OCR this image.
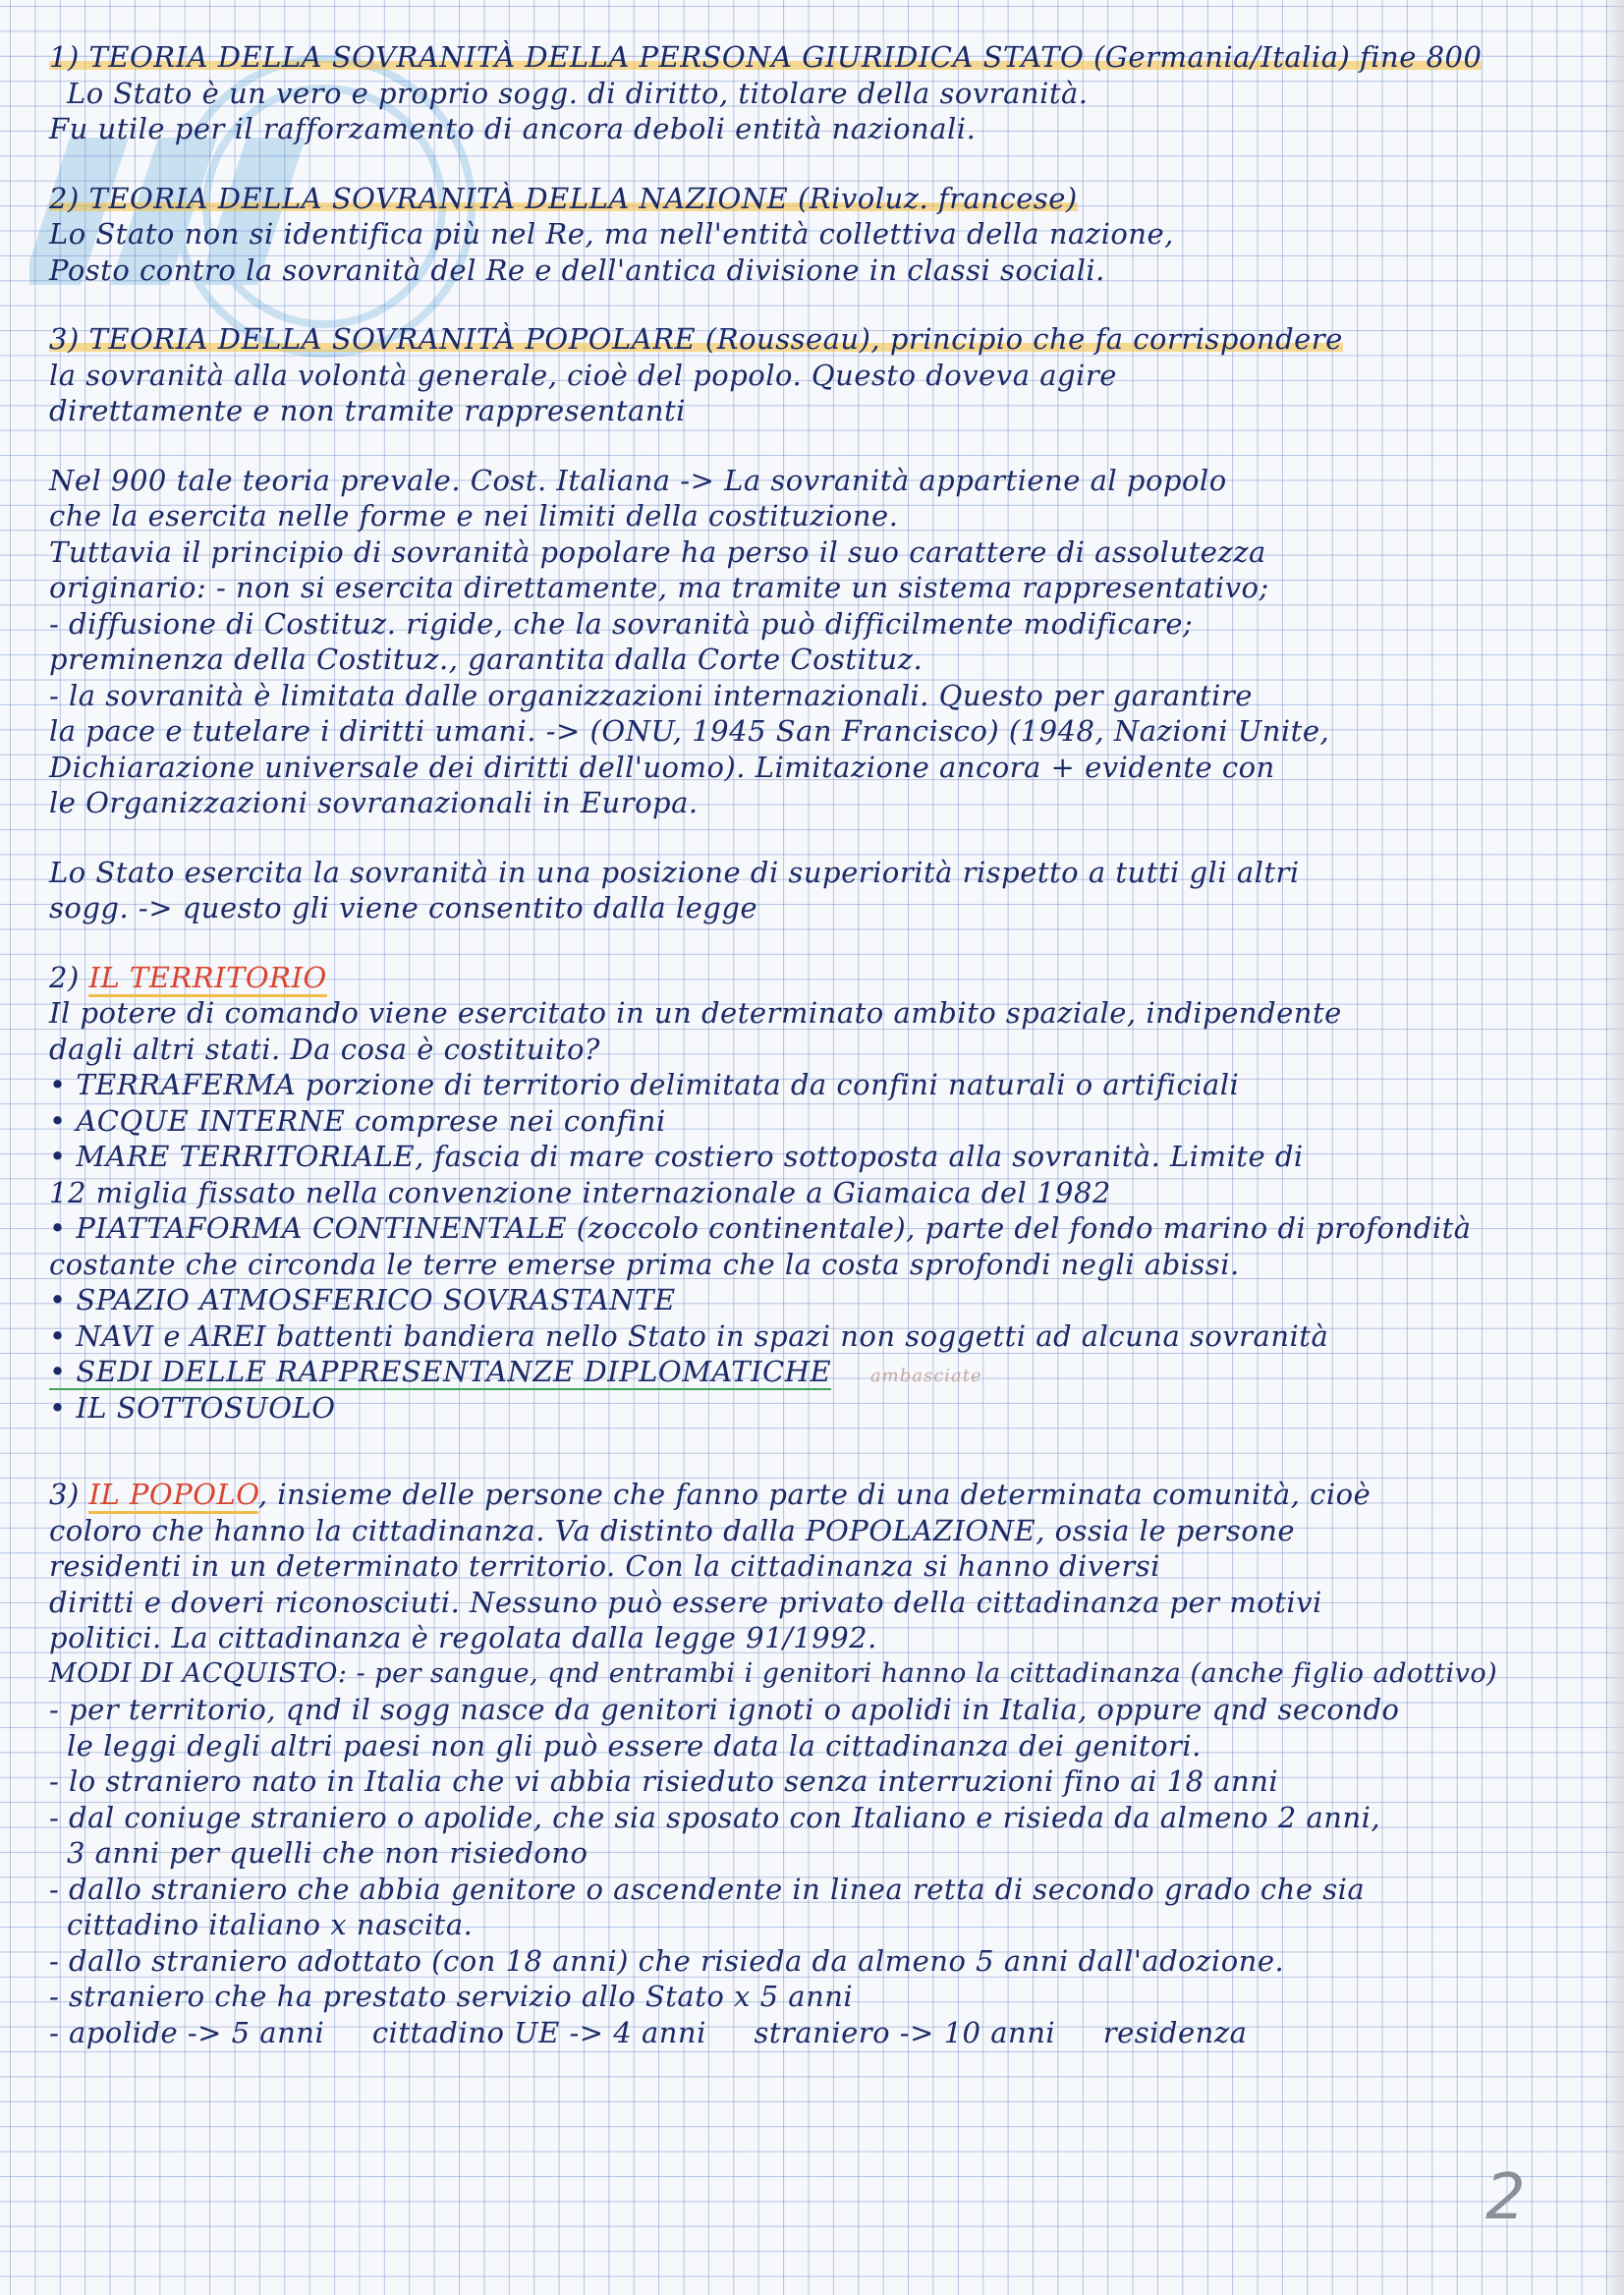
1) TEORIA DELLA SOVRANITÀ DELLA PERSONA GIURIDICA STATO (Germania/Italia) fine 800
Lo Stato è un vero e proprio sogg. di diritto, titolare della sovranità.
Fu utile per il rafforzamento di ancora deboli entità nazionali.
2) TEORIA DELLA SOVRANITÀ DELLA NAZIONE (Rivoluz. francese)
Lo Stato non si identifica più nel Re, ma nell'entità collettiva della nazione,
Posto contro la sovranità del Re e dell'antica divisione in classi sociali.
3) TEORIA DELLA SOVRANITÀ POPOLARE (Rousseau), principio che fa corrispondere
la sovranità alla volontà generale, cioè del popolo. Questo doveva agire
direttamente e non tramite rappresentanti
Nel 900 tale teoria prevale. Cost. Italiana -> La sovranità appartiene al popolo
che la esercita nelle forme e nei limiti della costituzione.
Tuttavia il principio di sovranità popolare ha perso il suo carattere di assolutezza
originario: - non si esercita direttamente, ma tramite un sistema rappresentativo;
- diffusione di Costituz. rigide, che la sovranità può difficilmente modificare;
preminenza della Costituz., garantita dalla Corte Costituz.
- la sovranità è limitata dalle organizzazioni internazionali. Questo per garantire
la pace e tutelare i diritti umani. -> (ONU, 1945 San Francisco) (1948, Nazioni Unite,
Dichiarazione universale dei diritti dell'uomo). Limitazione ancora + evidente con
le Organizzazioni sovranazionali in Europa.
Lo Stato esercita la sovranità in una posizione di superiorità rispetto a tutti gli altri
sogg. -> questo gli viene consentito dalla legge
2) IL TERRITORIO
Il potere di comando viene esercitato in un determinato ambito spaziale, indipendente
dagli altri stati. Da cosa è costituito?
• TERRAFERMA porzione di territorio delimitata da confini naturali o artificiali
• ACQUE INTERNE comprese nei confini
• MARE TERRITORIALE, fascia di mare costiero sottoposta alla sovranità. Limite di
12 miglia fissato nella convenzione internazionale a Giamaica del 1982
• PIATTAFORMA CONTINENTALE (zoccolo continentale), parte del fondo marino di profondità
costante che circonda le terre emerse prima che la costa sprofondi negli abissi.
• SPAZIO ATMOSFERICO SOVRASTANTE
• NAVI e AREI battenti bandiera nello Stato in spazi non soggetti ad alcuna sovranità
• SEDI DELLE RAPPRESENTANZE DIPLOMATICHE ambasciate
• IL SOTTOSUOLO
3) IL POPOLO, insieme delle persone che fanno parte di una determinata comunità, cioè
coloro che hanno la cittadinanza. Va distinto dalla POPOLAZIONE, ossia le persone
residenti in un determinato territorio. Con la cittadinanza si hanno diversi
diritti e doveri riconosciuti. Nessuno può essere privato della cittadinanza per motivi
politici. La cittadinanza è regolata dalla legge 91/1992.
MODI DI ACQUISTO: - per sangue, qnd entrambi i genitori hanno la cittadinanza (anche figlio adottivo)
- per territorio, qnd il sogg nasce da genitori ignoti o apolidi in Italia, oppure qnd secondo
le leggi degli altri paesi non gli può essere data la cittadinanza dei genitori.
- lo straniero nato in Italia che vi abbia risieduto senza interruzioni fino ai 18 anni
- dal coniuge straniero o apolide, che sia sposato con Italiano e risieda da almeno 2 anni,
3 anni per quelli che non risiedono
- dallo straniero che abbia genitore o ascendente in linea retta di secondo grado che sia
cittadino italiano x nascita.
- dallo straniero adottato (con 18 anni) che risieda da almeno 5 anni dall'adozione.
- straniero che ha prestato servizio allo Stato x 5 anni
- apolide -> 5 anni     cittadino UE -> 4 anni     straniero -> 10 anni     residenza
2
